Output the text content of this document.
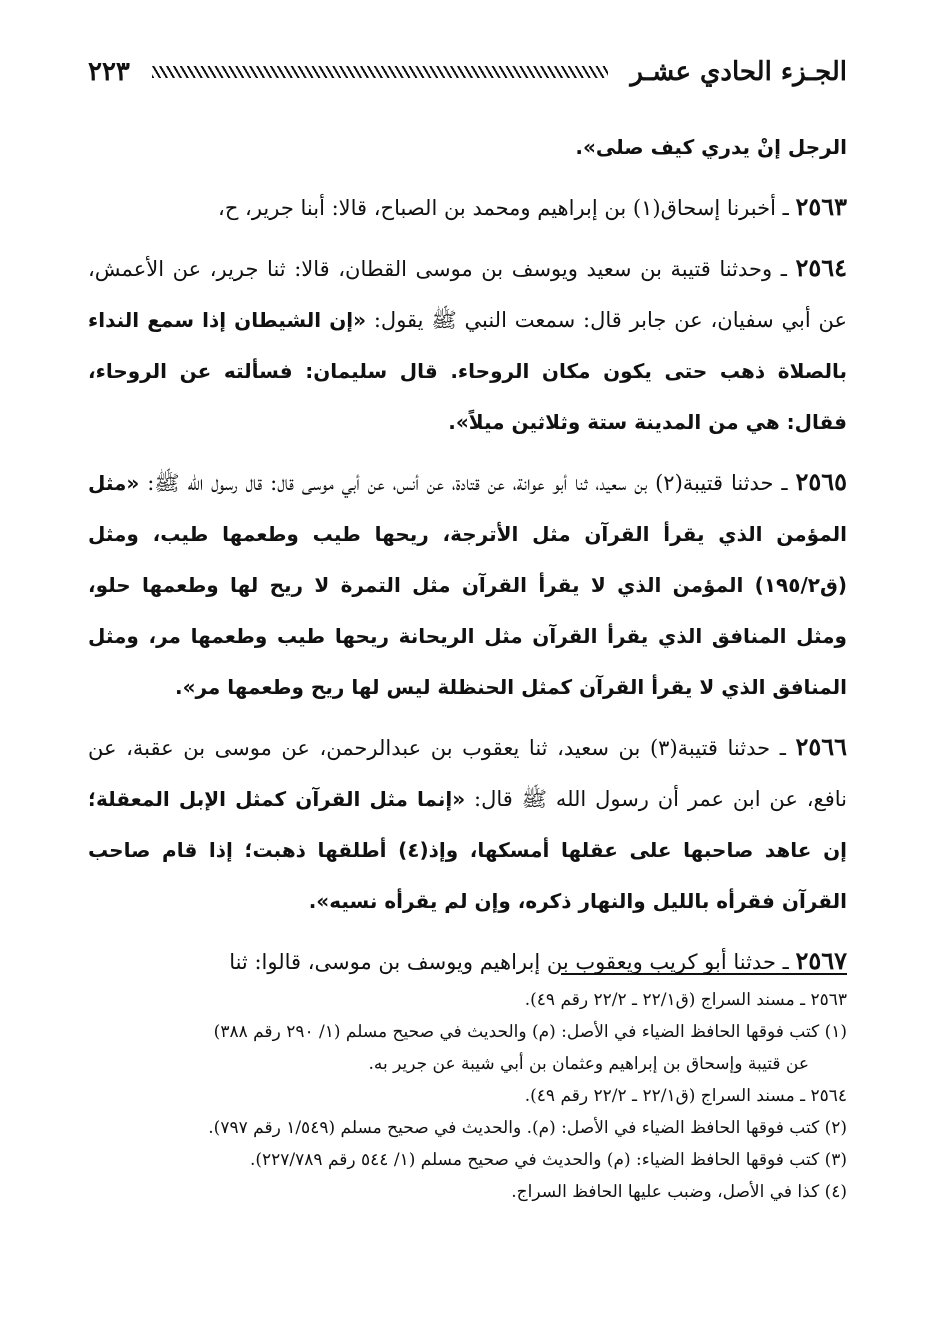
الجـزء الحادي عشـر
٢٢٣

الرجل إنْ يدري كيف صلى».

٢٥٦٣ ـ أخبرنا إسحاق(١) بن إبراهيم ومحمد بن الصباح، قالا: أبنا جرير، ح،

٢٥٦٤ ـ وحدثنا قتيبة بن سعيد ويوسف بن موسى القطان، قالا: ثنا جرير، عن الأعمش، عن أبي سفيان، عن جابر قال: سمعت النبي ﷺ يقول: «إن الشيطان إذا سمع النداء بالصلاة ذهب حتى يكون مكان الروحاء. قال سليمان: فسألته عن الروحاء، فقال: هي من المدينة ستة وثلاثين ميلاً».

٢٥٦٥ ـ حدثنا قتيبة(٢) بن سعيد، ثنا أبو عوانة، عن قتادة، عن أنس، عن أبي موسى قال: قال رسول الله ﷺ: «مثل المؤمن الذي يقرأ القرآن مثل الأترجة، ريحها طيب وطعمها طيب، ومثل (ق١٩٥/٢) المؤمن الذي لا يقرأ القرآن مثل التمرة لا ريح لها وطعمها حلو، ومثل المنافق الذي يقرأ القرآن مثل الريحانة ريحها طيب وطعمها مر، ومثل المنافق الذي لا يقرأ القرآن كمثل الحنظلة ليس لها ريح وطعمها مر».

٢٥٦٦ ـ حدثنا قتيبة(٣) بن سعيد، ثنا يعقوب بن عبدالرحمن، عن موسى بن عقبة، عن نافع، عن ابن عمر أن رسول الله ﷺ قال: «إنما مثل القرآن كمثل الإبل المعقلة؛ إن عاهد صاحبها على عقلها أمسكها، وإذ(٤) أطلقها ذهبت؛ إذا قام صاحب القرآن فقرأه بالليل والنهار ذكره، وإن لم يقرأه نسيه».

٢٥٦٧ ـ حدثنا أبو كريب ويعقوب بن إبراهيم ويوسف بن موسى، قالوا: ثنا

٢٥٦٣ ـ مسند السراج (ق٢٢/١ ـ ٢٢/٢ رقم ٤٩).

(١) كتب فوقها الحافظ الضياء في الأصل: (م) والحديث في صحيح مسلم (١/ ٢٩٠ رقم ٣٨٨)

عن قتيبة وإسحاق بن إبراهيم وعثمان بن أبي شيبة عن جرير به.

٢٥٦٤ ـ مسند السراج (ق٢٢/١ ـ ٢٢/٢ رقم ٤٩).

(٢) كتب فوقها الحافظ الضياء في الأصل: (م). والحديث في صحيح مسلم (١/٥٤٩ رقم ٧٩٧).

(٣) كتب فوقها الحافظ الضياء: (م) والحديث في صحيح مسلم (١/ ٥٤٤ رقم ٢٢٧/٧٨٩).

(٤) كذا في الأصل، وضبب عليها الحافظ السراج.
